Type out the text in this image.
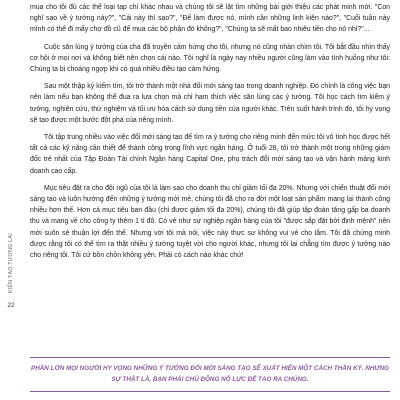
KIẾN TẠO TƯƠNG LAI
22

mua cho tôi đủ các thể loại tạp chí khác nhau và chúng tôi sẽ lật tìm những bài giới thiệu các phát minh mới. "Con nghĩ sao về ý tưởng này?", "Cái này thì sao?", "Để làm được nó, mình cần những linh kiện nào?", "Cuối tuần này mình có thể đi mấy chợ đồ cũ để mua các bộ phận đó không?", "Chúng ta sẽ mất bao nhiêu tiền cho nó nhỉ?"...

Cuộc săn lùng ý tưởng của cha đã truyền cảm hứng cho tôi, nhưng nó cũng nhàn chìm tôi. Tôi bắt đầu nhìn thấy cơ hội ở mọi nơi và không biết nên chọn cái nào. Tôi nghĩ là ngày nay nhiều người cũng làm vào tình huống như tôi: Chúng ta bị choáng ngợp khi có quá nhiều điều tạo cảm hứng.

Sau một thập kỷ kiếm tìm, tôi trở thành một nhà đổi mới sáng tạo trong doanh nghiệp. Đó chính là công việc bạn nên làm nếu bạn không thể đua ra lựa chọn mà chỉ ham thích việc săn lùng các ý tưởng. Tôi học cách tìm kiếm ý tưởng, nghiên cứu, thử nghiệm và tối ưu hóa cách sử dụng tiền của người khác. Trên suốt hành trình đó, tôi hy vọng sẽ tạo được một bước đột phá của riêng mình.

Tôi tập trung nhiều vào việc đổi mới sáng tạo để tìm ra ý tưởng cho riêng mình đến mức tôi vô tình học được hết tất cả các kỹ năng cần thiết để thành công trong lĩnh vực ngân hàng. Ở tuổi 28, tôi trở thành một trong những giám đốc trẻ nhất của Tập Đoàn Tài chính Ngân hàng Capital One, phụ trách đổi mới sáng tạo và vận hành mảng kinh doanh cao cấp.

Mục tiêu đặt ra cho đội ngũ của tôi là làm sao cho doanh thu chỉ giảm tối đa 20%. Nhưng với chiến thuật đổi mới sáng tạo và luôn hướng đến những ý tưởng mới mẻ, chúng tôi đã cho ra đời một loạt sản phẩm mang lại thành công nhiều hơn thế. Hơn cả mục tiêu ban đầu (chỉ được giảm tối đa 20%), chúng tôi đã giúp tập đoàn tăng gấp ba doanh thu và mang về cho công ty thêm 1 tỉ đô. Có vẻ như sự nghiệp ngân hàng của tôi "được sắp đặt bởi định mệnh" nên mới suôn sẻ thuận lợi đến thế. Nhưng với tôi mà nói, việc này thực sự không vui vẻ cho lắm. Tôi đã chứng minh được rằng tôi có thể tìm ra thật nhiều ý tưởng tuyệt vời cho người khác, nhưng tôi lại chẳng tìm được ý tưởng nào cho riêng tôi. Tôi cứ bồn chồn không yên. Phải có cách nào khác chứ!

PHẦN LỚN MỌI NGƯỜI HY VỌNG NHỮNG Ý TƯỞNG ĐỔI MỚI SÁNG TẠO SẼ XUẤT HIỆN MỘT CÁCH THẦN KỲ. NHƯNG SỰ THẬT LÀ, BẠN PHẢI CHỦ ĐỘNG NỖ LỰC ĐỂ TẠO RA CHÚNG.
